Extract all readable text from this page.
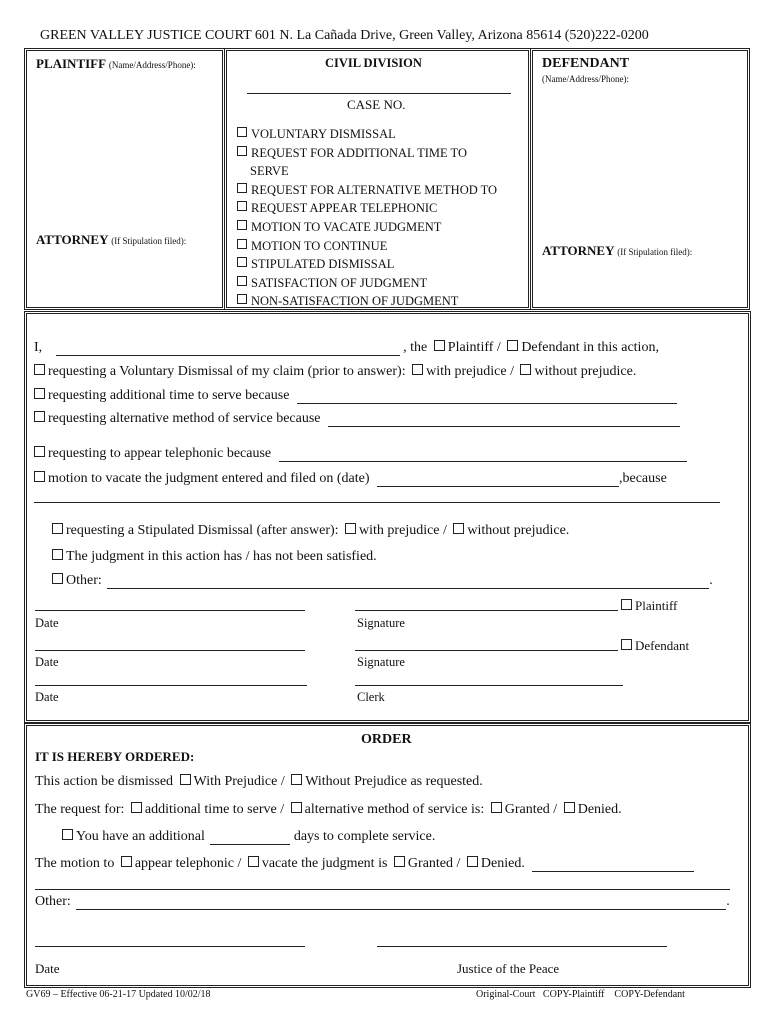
GREEN VALLEY JUSTICE COURT 601 N. La Cañada Drive, Green Valley, Arizona 85614 (520)222-0200
PLAINTIFF (Name/Address/Phone):
ATTORNEY (If Stipulation filed):
CIVIL DIVISION
CASE NO.
VOLUNTARY DISMISSAL
REQUEST FOR ADDITIONAL TIME TO
SERVE
REQUEST FOR ALTERNATIVE METHOD TO
REQUEST APPEAR TELEPHONIC
MOTION TO VACATE JUDGMENT
MOTION TO CONTINUE
STIPULATED DISMISSAL
SATISFACTION OF JUDGMENT
NON-SATISFACTION OF JUDGMENT
DEFENDANT
(Name/Address/Phone):
ATTORNEY (If Stipulation filed):
I,	, the Plaintiff / Defendant in this action,
requesting a Voluntary Dismissal of my claim (prior to answer): with prejudice / without prejudice.
requesting additional time to serve because
requesting alternative method of service because
requesting to appear telephonic because
motion to vacate the judgment entered and filed on (date)	,because
requesting a Stipulated Dismissal (after answer): with prejudice / without prejudice.
The judgment in this action has / has not been satisfied.
Other:	.
Plaintiff
Date	Signature
Defendant
Date	Signature
Date	Clerk
ORDER
IT IS HEREBY ORDERED:
This action be dismissed With Prejudice / Without Prejudice as requested.
The request for: additional time to serve / alternative method of service is: Granted / Denied.
You have an additional	days to complete service.
The motion to appear telephonic / vacate the judgment is Granted / Denied.
Other:	.
Date	Justice of the Peace
GV69 – Effective 06-21-17 Updated 10/02/18	Original-Court   COPY-Plaintiff    COPY-Defendant
